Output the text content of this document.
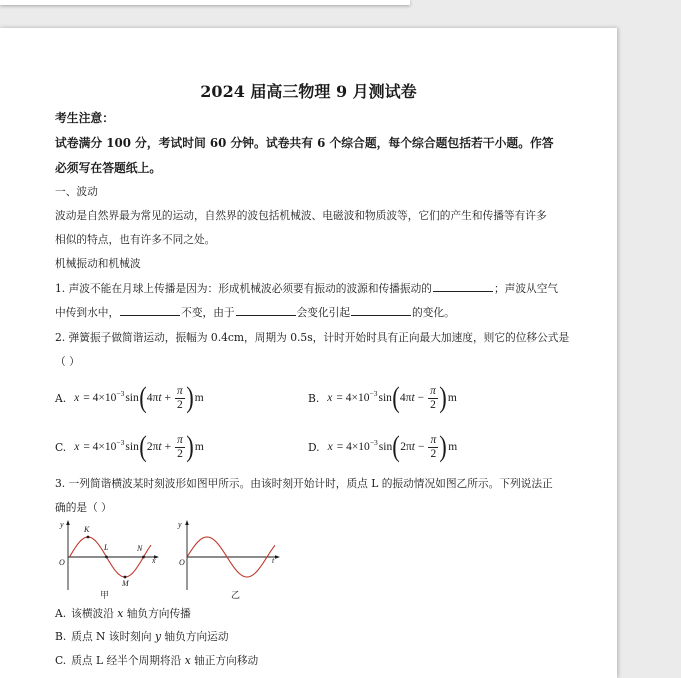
2024 届高三物理 9 月测试卷
考生注意：
试卷满分 100 分，考试时间 60 分钟。试卷共有 6 个综合题，每个综合题包括若干小题。作答
必须写在答题纸上。
一、波动
波动是自然界最为常见的运动，自然界的波包括机械波、电磁波和物质波等，它们的产生和传播等有许多
相似的特点，也有许多不同之处。
机械振动和机械波
1. 声波不能在月球上传播是因为：形成机械波必须要有振动的波源和传播振动的	；声波从空气
中传到水中，	不变，由于	会变化引起	的变化。
2. 弹簧振子做简谐运动，振幅为 0.4cm，周期为 0.5s，计时开始时具有正向最大加速度，则它的位移公式是
（ ）
A. x = 4×10 −3 sin ( 4π $t + \frac{\pi}{2}$ ) m	B. x = 4×10 −3 sin ( 4π $t - \frac{\pi}{2}$ ) m
C. x = 4×10 −3 sin ( 2π $t + \frac{\pi}{2}$ ) m	D. x = 4×10 −3 sin ( 2π $t - \frac{\pi}{2}$ ) m
3. 一列简谐横波某时刻波形如图甲所示。由该时刻开始计时，质点 L 的振动情况如图乙所示。下列说法正
确的是（ ）
y
O
K
L	N
x
M
甲
y
O	t
乙
A. 该横波沿 x 轴负方向传播
B. 质点 N 该时刻向 y 轴负方向运动
C. 质点 L 经半个周期将沿 x 轴正方向移动
